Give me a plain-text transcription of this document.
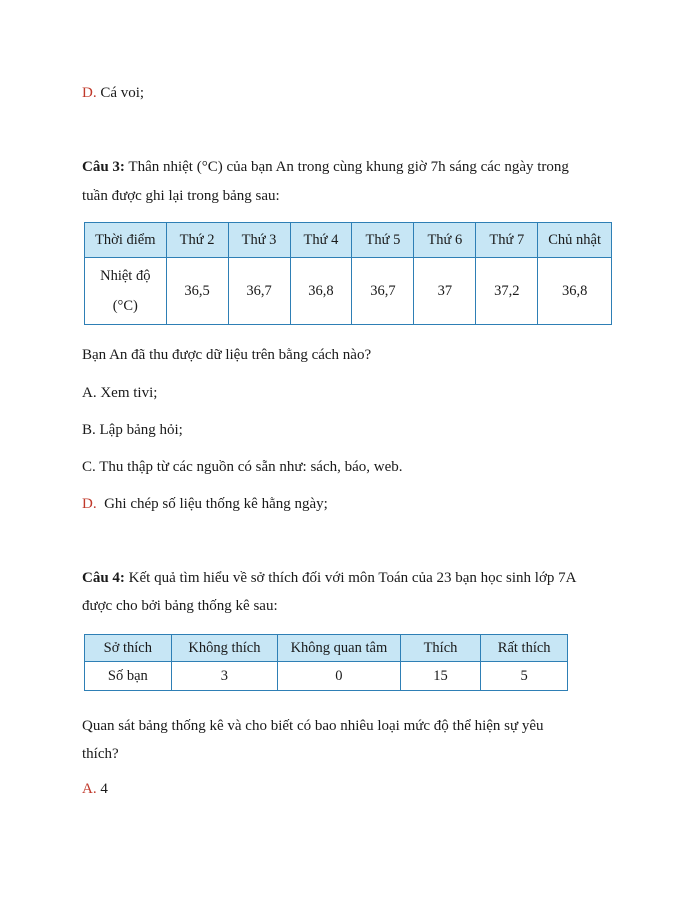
D. Cá voi;
Câu 3: Thân nhiệt (°C) của bạn An trong cùng khung giờ 7h sáng các ngày trong
tuần được ghi lại trong bảng sau:
Thời điểm	Thứ 2	Thứ 3	Thứ 4	Thứ 5	Thứ 6	Thứ 7	Chủ nhật

Nhiệt độ
(°C)	36,5	36,7	36,8	36,7	37	37,2	36,8
Bạn An đã thu được dữ liệu trên bằng cách nào?
A. Xem tivi;
B. Lập bảng hỏi;
C. Thu thập từ các nguồn có sẵn như: sách, báo, web.
D.  Ghi chép số liệu thống kê hằng ngày;
Câu 4: Kết quả tìm hiểu về sở thích đối với môn Toán của 23 bạn học sinh lớp 7A
được cho bởi bảng thống kê sau:
Sở thích	Không thích	Không quan tâm	Thích	Rất thích
Số bạn	3	0	15	5
Quan sát bảng thống kê và cho biết có bao nhiêu loại mức độ thể hiện sự yêu
thích?
A. 4
